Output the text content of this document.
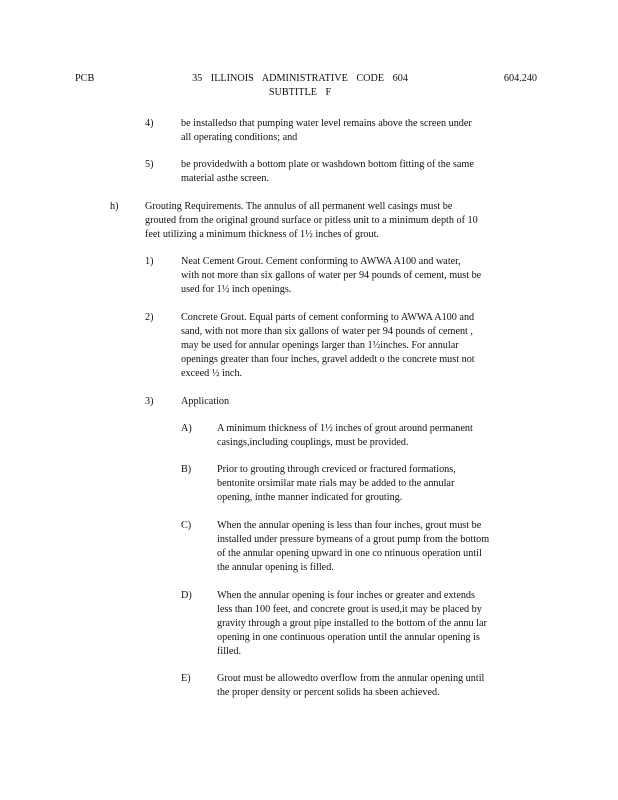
PCB	35 ILLINOIS ADMINISTRATIVE CODE 604
SUBTITLE F
604.240
4)	be installedso that pumping water level remains above the screen under
all operating conditions; and
5)	be providedwith a bottom plate or washdown bottom fitting of the same
material asthe screen.
h)	Grouting Requirements. The annulus of all permanent well casings must be
grouted from the original ground surface or pitless unit to a minimum depth of 10
feet utilizing a minimum thickness of 1½ inches of grout.
1)	Neat Cement Grout. Cement conforming to AWWA A100 and water,
with not more than six gallons of water per 94 pounds of cement, must be
used for 1½ inch openings.
2)	Concrete Grout. Equal parts of cement conforming to AWWA A100 and
sand, with not more than six gallons of water per 94 pounds of cement ,
may be used for annular openings larger than 1½inches. For annular
openings greater than four inches, gravel addedt o the concrete must not
exceed ½ inch.
3)	Application
A)	A minimum thickness of 1½ inches of grout around permanent
casings,including couplings, must be provided.
B)	Prior to grouting through creviced or fractured formations,
bentonite orsimilar mate rials may be added to the annular
opening, inthe manner indicated for grouting.
C)	When the annular opening is less than four inches, grout must be
installed under pressure bymeans of a grout pump from the bottom
of the annular opening upward in one co ntinuous operation until
the annular opening is filled.
D)	When the annular opening is four inches or greater and extends
less than 100 feet, and concrete grout is used,it may be placed by
gravity through a grout pipe installed to the bottom of the annu lar
opening in one continuous operation until the annular opening is
filled.
E)	Grout must be allowedto overflow from the annular opening until
the proper density or percent solids ha sbeen achieved.
